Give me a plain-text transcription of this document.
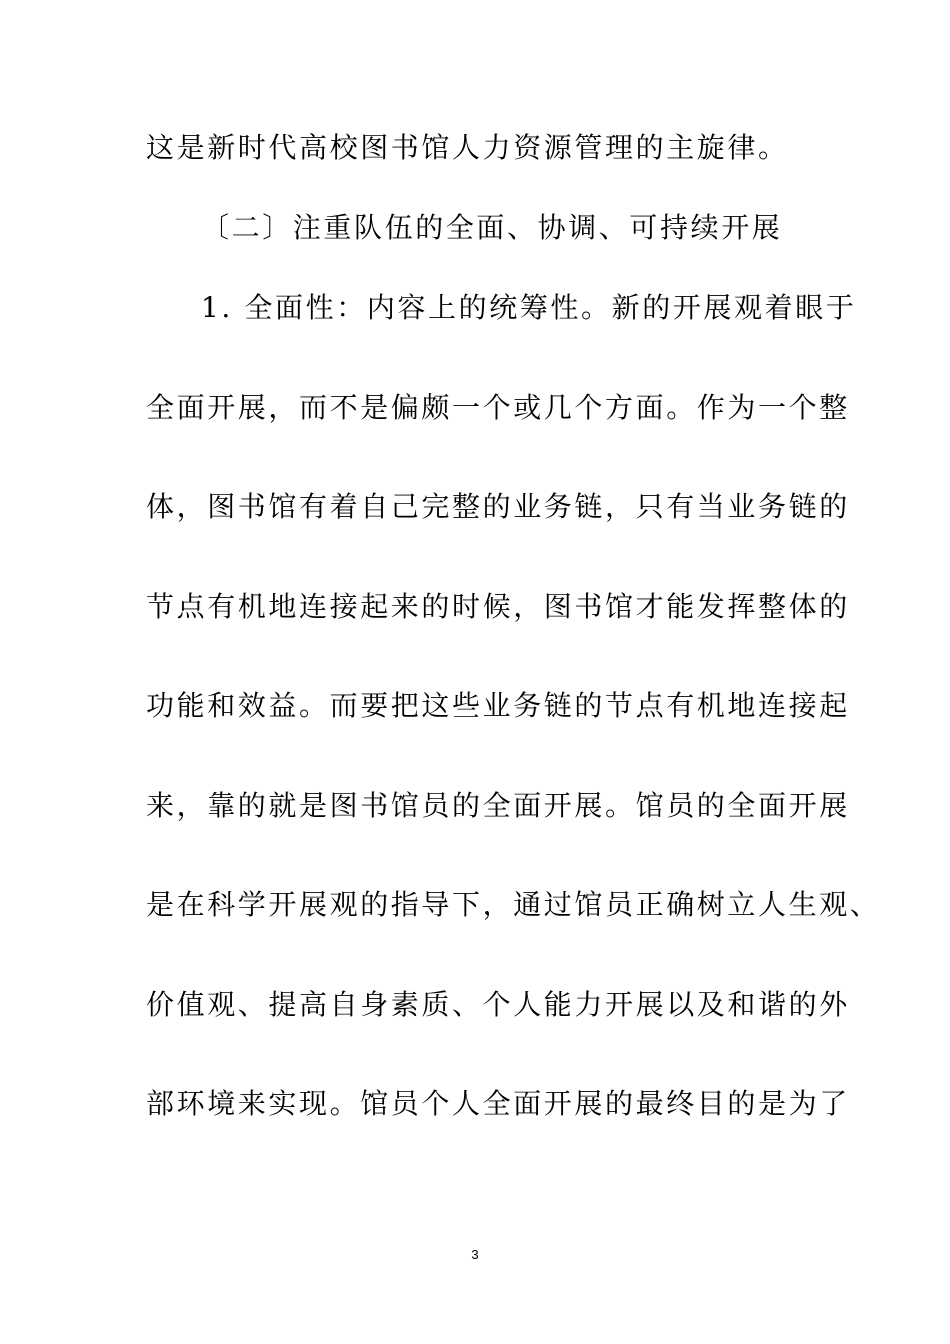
这是新时代高校图书馆人力资源管理的主旋律。
〔二〕注重队伍的全面、协调、可持续开展
1. 全面性：内容上的统筹性。新的开展观着眼于
全面开展，而不是偏颇一个或几个方面。作为一个整
体，图书馆有着自己完整的业务链，只有当业务链的
节点有机地连接起来的时候，图书馆才能发挥整体的
功能和效益。而要把这些业务链的节点有机地连接起
来，靠的就是图书馆员的全面开展。馆员的全面开展
是在科学开展观的指导下，通过馆员正确树立人生观、
价值观、提高自身素质、个人能力开展以及和谐的外
部环境来实现。馆员个人全面开展的最终目的是为了
3
